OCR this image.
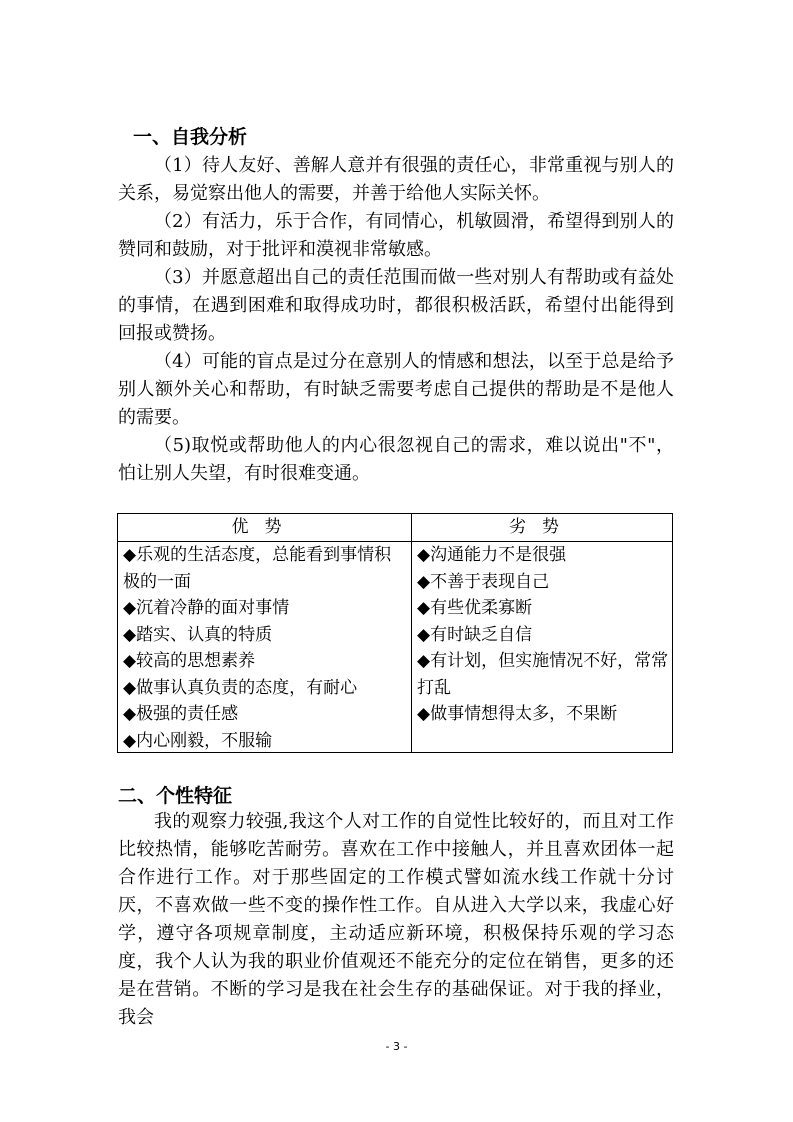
一、自我分析

（1）待人友好、善解人意并有很强的责任心，非常重视与别人的关系，易觉察出他人的需要，并善于给他人实际关怀。

（2）有活力，乐于合作，有同情心，机敏圆滑，希望得到别人的赞同和鼓励，对于批评和漠视非常敏感。

（3）并愿意超出自己的责任范围而做一些对别人有帮助或有益处的事情，在遇到困难和取得成功时，都很积极活跃，希望付出能得到回报或赞扬。

（4）可能的盲点是过分在意别人的情感和想法，以至于总是给予别人额外关心和帮助，有时缺乏需要考虑自己提供的帮助是不是他人的需要。

（5)取悦或帮助他人的内心很忽视自己的需求，难以说出"不"，怕让别人失望，有时很难变通。

优势	劣势
◆乐观的生活态度，总能看到事情积极的一面
◆沉着冷静的面对事情
◆踏实、认真的特质
◆较高的思想素养
◆做事认真负责的态度，有耐心
◆极强的责任感
◆内心刚毅，不服输
◆沟通能力不是很强
◆不善于表现自己
◆有些优柔寡断
◆有时缺乏自信
◆有计划，但实施情况不好，常常打乱
◆做事情想得太多，不果断
二、个性特征

我的观察力较强,我这个人对工作的自觉性比较好的，而且对工作比较热情，能够吃苦耐劳。喜欢在工作中接触人，并且喜欢团体一起合作进行工作。对于那些固定的工作模式譬如流水线工作就十分讨厌，不喜欢做一些不变的操作性工作。自从进入大学以来，我虚心好学，遵守各项规章制度，主动适应新环境，积极保持乐观的学习态度，我个人认为我的职业价值观还不能充分的定位在销售，更多的还是在营销。不断的学习是我在社会生存的基础保证。对于我的择业，我会

- 3 -
